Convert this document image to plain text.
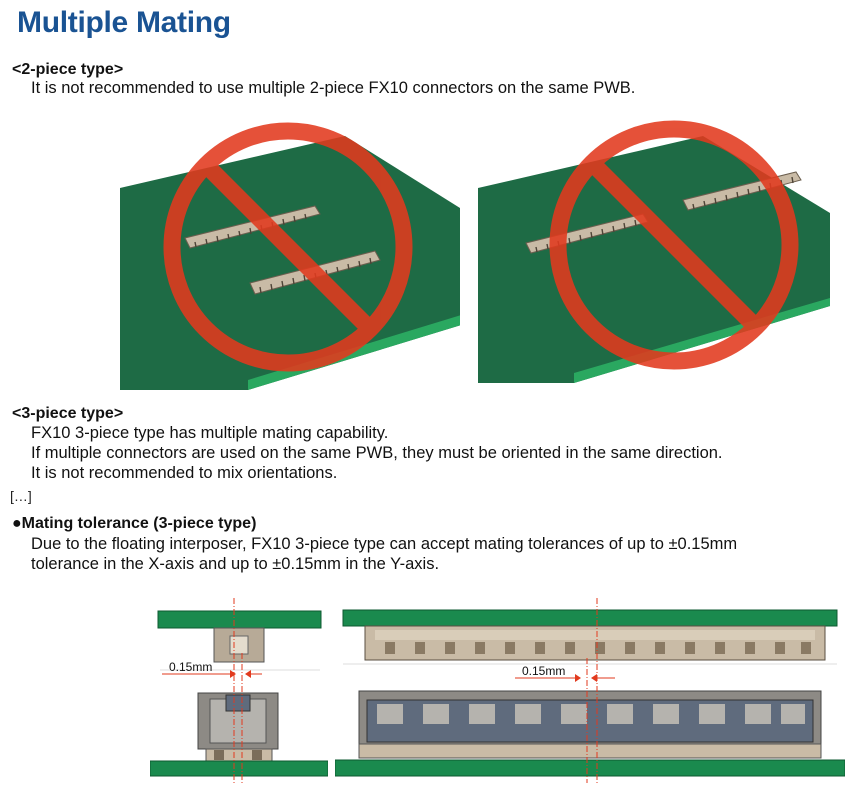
Multiple Mating
<2-piece type>
It is not recommended to use multiple 2-piece FX10 connectors on the same PWB.
<3-piece type>
FX10 3-piece type has multiple mating capability.
If multiple connectors are used on the same PWB, they must be oriented in the same direction.
It is not recommended to mix orientations.
[…]
●Mating tolerance (3-piece type)
Due to the floating interposer, FX10 3-piece type can accept mating tolerances of up to ±0.15mm
tolerance in the X-axis and up to ±0.15mm in the Y-axis.
0.15mm	0.15mm
